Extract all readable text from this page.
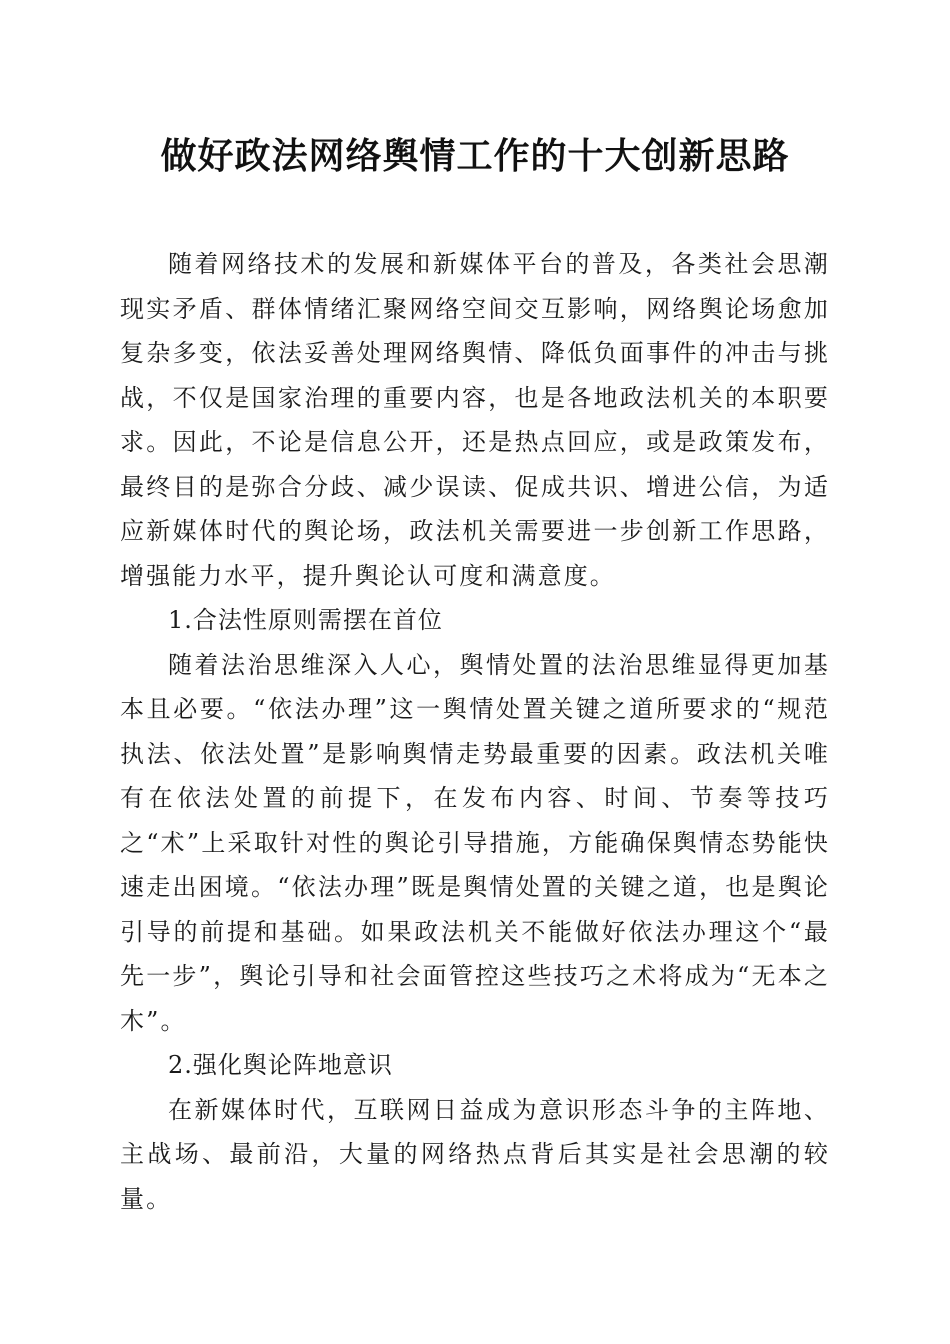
做好政法网络舆情工作的十大创新思路

随着网络技术的发展和新媒体平台的普及，各类社会思潮现实矛盾、群体情绪汇聚网络空间交互影响，网络舆论场愈加复杂多变，依法妥善处理网络舆情、降低负面事件的冲击与挑战，不仅是国家治理的重要内容，也是各地政法机关的本职要求。因此，不论是信息公开，还是热点回应，或是政策发布，最终目的是弥合分歧、减少误读、促成共识、增进公信，为适应新媒体时代的舆论场，政法机关需要进一步创新工作思路，增强能力水平，提升舆论认可度和满意度。

1.合法性原则需摆在首位

随着法治思维深入人心，舆情处置的法治思维显得更加基本且必要。“依法办理”这一舆情处置关键之道所要求的“规范执法、依法处置”是影响舆情走势最重要的因素。政法机关唯有在依法处置的前提下，在发布内容、时间、节奏等技巧之“术”上采取针对性的舆论引导措施，方能确保舆情态势能快速走出困境。“依法办理”既是舆情处置的关键之道，也是舆论引导的前提和基础。如果政法机关不能做好依法办理这个“最先一步”，舆论引导和社会面管控这些技巧之术将成为“无本之木”。

2.强化舆论阵地意识

在新媒体时代，互联网日益成为意识形态斗争的主阵地、主战场、最前沿，大量的网络热点背后其实是社会思潮的较量。
